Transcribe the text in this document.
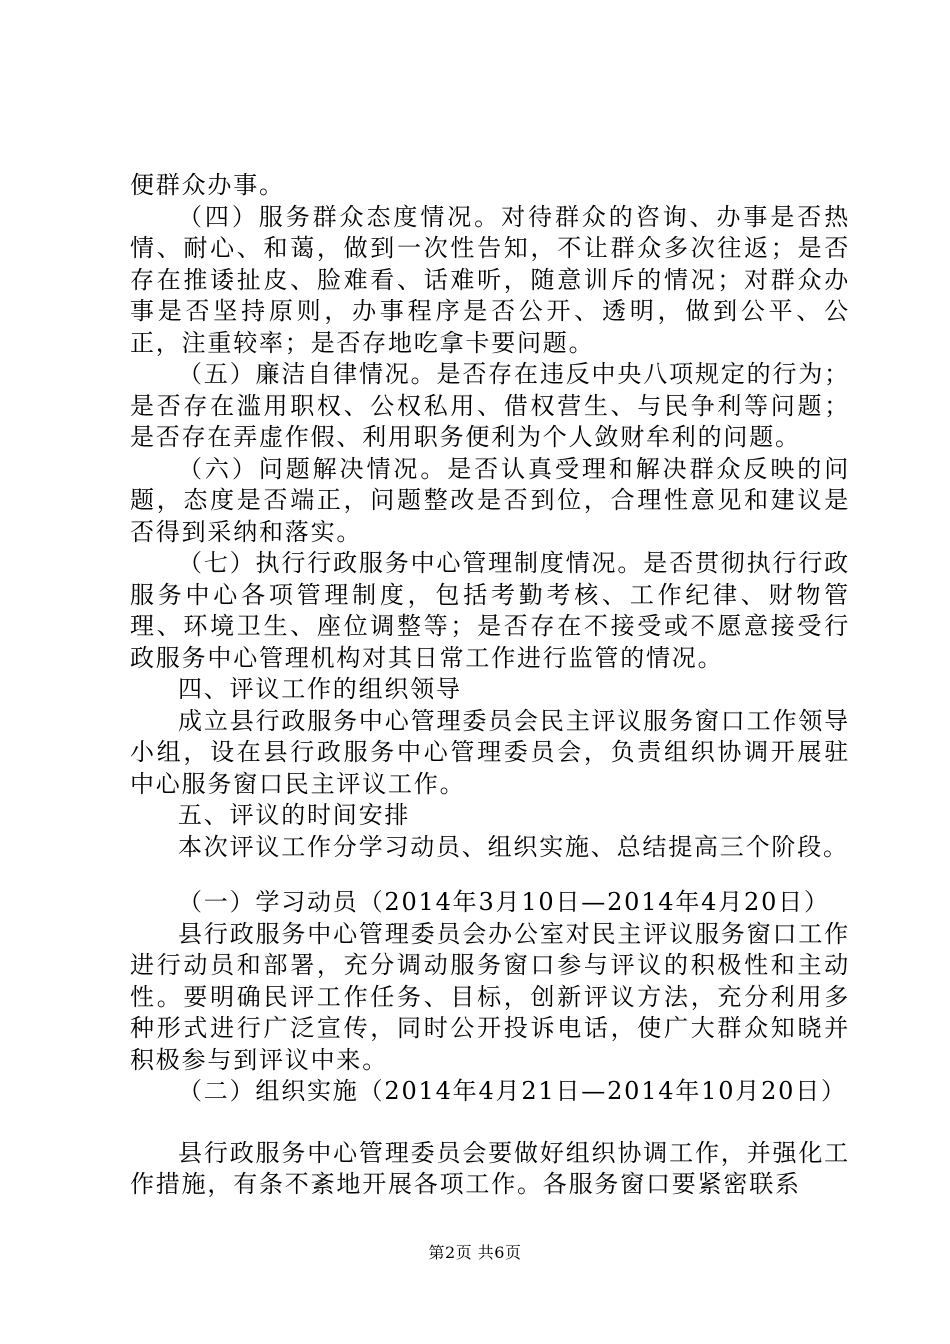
便群众办事。

（四）服务群众态度情况。对待群众的咨询、办事是否热情、耐心、和蔼，做到一次性告知，不让群众多次往返；是否存在推诿扯皮、脸难看、话难听，随意训斥的情况；对群众办事是否坚持原则，办事程序是否公开、透明，做到公平、公正，注重较率；是否存地吃拿卡要问题。

（五）廉洁自律情况。是否存在违反中央八项规定的行为；是否存在滥用职权、公权私用、借权营生、与民争利等问题；是否存在弄虚作假、利用职务便利为个人敛财牟利的问题。

（六）问题解决情况。是否认真受理和解决群众反映的问题，态度是否端正，问题整改是否到位，合理性意见和建议是否得到采纳和落实。

（七）执行行政服务中心管理制度情况。是否贯彻执行行政服务中心各项管理制度，包括考勤考核、工作纪律、财物管理、环境卫生、座位调整等；是否存在不接受或不愿意接受行政服务中心管理机构对其日常工作进行监管的情况。

四、评议工作的组织领导

成立县行政服务中心管理委员会民主评议服务窗口工作领导小组，设在县行政服务中心管理委员会，负责组织协调开展驻中心服务窗口民主评议工作。

五、评议的时间安排

本次评议工作分学习动员、组织实施、总结提高三个阶段。

（一）学习动员（2014年3月10日—2014年4月20日）

县行政服务中心管理委员会办公室对民主评议服务窗口工作进行动员和部署，充分调动服务窗口参与评议的积极性和主动性。要明确民评工作任务、目标，创新评议方法，充分利用多种形式进行广泛宣传，同时公开投诉电话，使广大群众知晓并积极参与到评议中来。

（二）组织实施（2014年4月21日—2014年10月20日）

县行政服务中心管理委员会要做好组织协调工作，并强化工作措施，有条不紊地开展各项工作。各服务窗口要紧密联系

第2页 共6页
